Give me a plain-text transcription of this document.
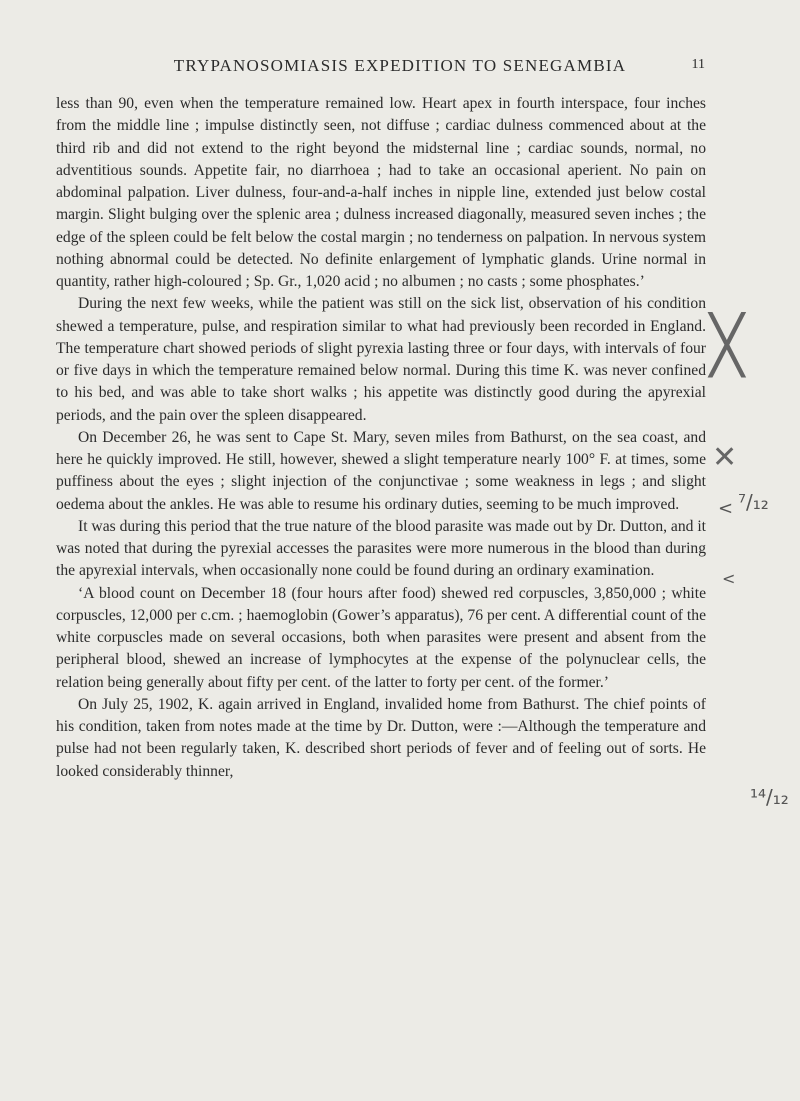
TRYPANOSOMIASIS EXPEDITION TO SENEGAMBIA	11

less than 90, even when the temperature remained low. Heart apex in fourth interspace, four inches from the middle line ; impulse distinctly seen, not diffuse ; cardiac dulness commenced about at the third rib and did not extend to the right beyond the midsternal line ; cardiac sounds, normal, no adventitious sounds. Appetite fair, no diarrhoea ; had to take an occasional aperient. No pain on abdominal palpation. Liver dulness, four-and-a-half inches in nipple line, extended just below costal margin. Slight bulging over the splenic area ; dulness increased diagonally, measured seven inches ; the edge of the spleen could be felt below the costal margin ; no tenderness on palpation. In nervous system nothing abnormal could be detected. No definite enlargement of lymphatic glands. Urine normal in quantity, rather high-coloured ; Sp. Gr., 1,020 acid ; no albumen ; no casts ; some phosphates.’

During the next few weeks, while the patient was still on the sick list, observation of his condition shewed a temperature, pulse, and respiration similar to what had previously been recorded in England. The temperature chart showed periods of slight pyrexia lasting three or four days, with intervals of four or five days in which the temperature remained below normal. During this time K. was never confined to his bed, and was able to take short walks ; his appetite was distinctly good during the apyrexial periods, and the pain over the spleen disappeared.

On December 26, he was sent to Cape St. Mary, seven miles from Bathurst, on the sea coast, and here he quickly improved. He still, however, shewed a slight temperature nearly 100° F. at times, some puffiness about the eyes ; slight injection of the conjunctivae ; some weakness in legs ; and slight oedema about the ankles. He was able to resume his ordinary duties, seeming to be much improved.

It was during this period that the true nature of the blood parasite was made out by Dr. Dutton, and it was noted that during the pyrexial accesses the parasites were more numerous in the blood than during the apyrexial intervals, when occasionally none could be found during an ordinary examination.

‘A blood count on December 18 (four hours after food) shewed red corpuscles, 3,850,000 ; white corpuscles, 12,000 per c.cm. ; haemoglobin (Gower’s apparatus), 76 per cent. A differential count of the white corpuscles made on several occasions, both when parasites were present and absent from the peripheral blood, shewed an increase of lymphocytes at the expense of the polynuclear cells, the relation being generally about fifty per cent. of the latter to forty per cent. of the former.’

On July 25, 1902, K. again arrived in England, invalided home from Bathurst. The chief points of his condition, taken from notes made at the time by Dr. Dutton, were :—Although the temperature and pulse had not been regularly taken, K. described short periods of fever and of feeling out of sorts. He looked considerably thinner,

╳
✕
< ⁷/₁₂
<
¹⁴/₁₂
